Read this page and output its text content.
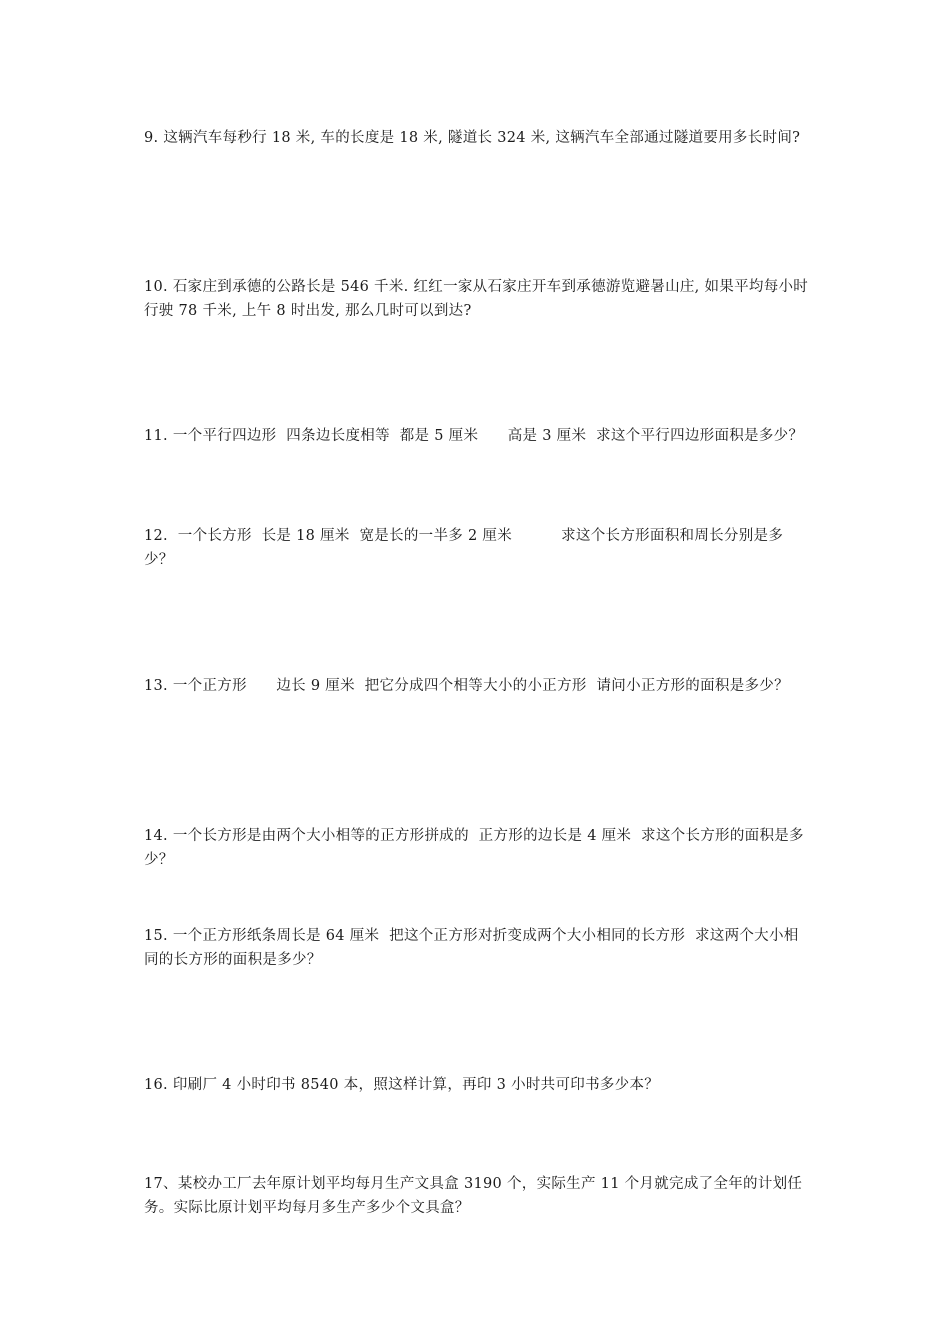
9. 这辆汽车每秒行 18 米, 车的长度是 18 米, 隧道长 324 米, 这辆汽车全部通过隧道要用多长时间?

10. 石家庄到承德的公路长是 546 千米. 红红一家从石家庄开车到承德游览避暑山庄, 如果平均每小时行驶 78 千米, 上午 8 时出发, 那么几时可以到达?

11. 一个平行四边形  四条边长度相等  都是 5 厘米      高是 3 厘米  求这个平行四边形面积是多少？

12.  一个长方形  长是 18 厘米  宽是长的一半多 2 厘米          求这个长方形面积和周长分别是多少？

13. 一个正方形      边长 9 厘米  把它分成四个相等大小的小正方形  请问小正方形的面积是多少？

14. 一个长方形是由两个大小相等的正方形拼成的  正方形的边长是 4 厘米  求这个长方形的面积是多少？

15. 一个正方形纸条周长是 64 厘米  把这个正方形对折变成两个大小相同的长方形  求这两个大小相同的长方形的面积是多少？

16. 印刷厂 4 小时印书 8540 本，照这样计算，再印 3 小时共可印书多少本？

17、某校办工厂去年原计划平均每月生产文具盒 3190 个，实际生产 11 个月就完成了全年的计划任务。实际比原计划平均每月多生产多少个文具盒？
